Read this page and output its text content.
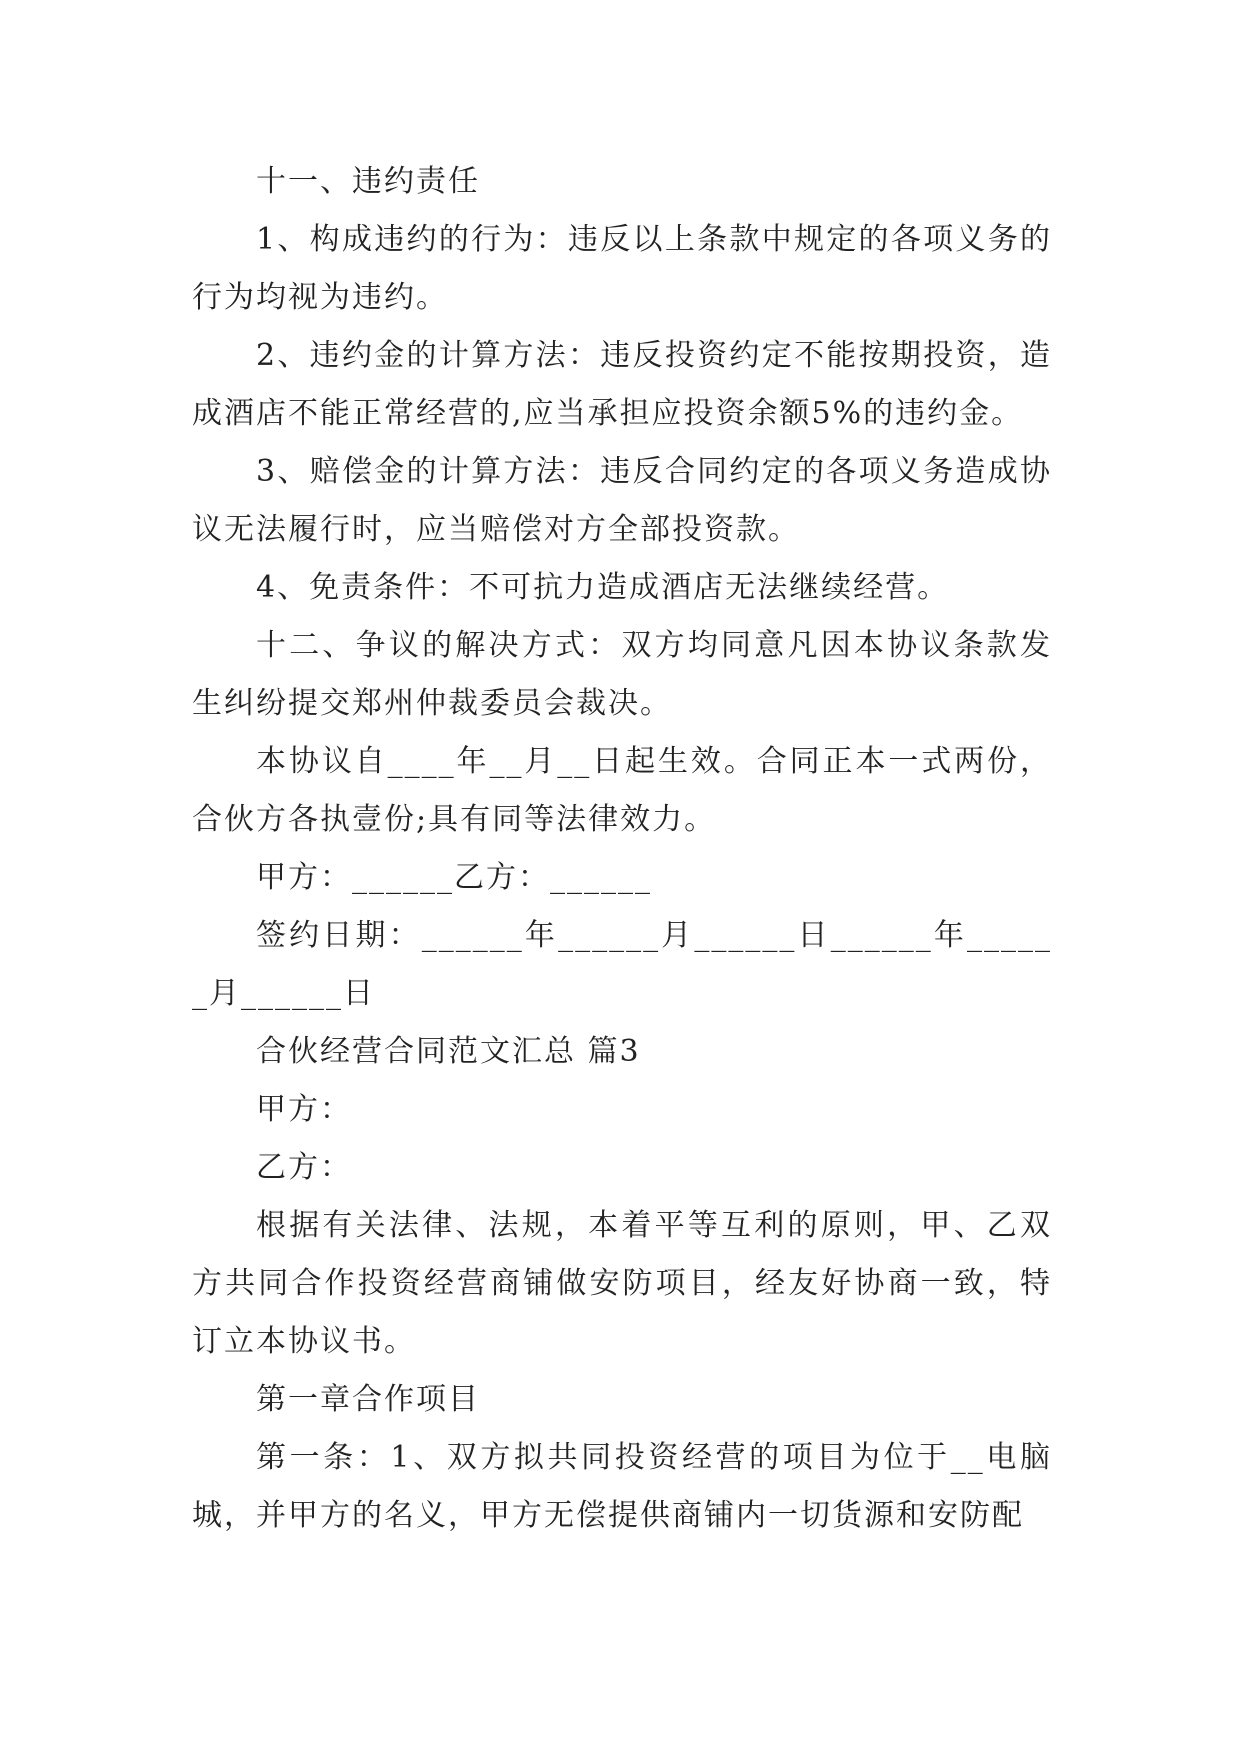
十一、违约责任

1、构成违约的行为：违反以上条款中规定的各项义务的行为均视为违约。

2、违约金的计算方法：违反投资约定不能按期投资，造成酒店不能正常经营的,应当承担应投资余额5%的违约金。

3、赔偿金的计算方法：违反合同约定的各项义务造成协议无法履行时，应当赔偿对方全部投资款。

4、免责条件：不可抗力造成酒店无法继续经营。

十二、争议的解决方式：双方均同意凡因本协议条款发生纠纷提交郑州仲裁委员会裁决。

本协议自____年__月__日起生效。合同正本一式两份，合伙方各执壹份;具有同等法律效力。

甲方：______乙方：______

签约日期：______年______月______日______年______月______日

合伙经营合同范文汇总 篇3

甲方：

乙方：

根据有关法律、法规，本着平等互利的原则，甲、乙双方共同合作投资经营商铺做安防项目，经友好协商一致，特订立本协议书。

第一章合作项目

第一条：1、双方拟共同投资经营的项目为位于__电脑城，并甲方的名义，甲方无偿提供商铺内一切货源和安防配
